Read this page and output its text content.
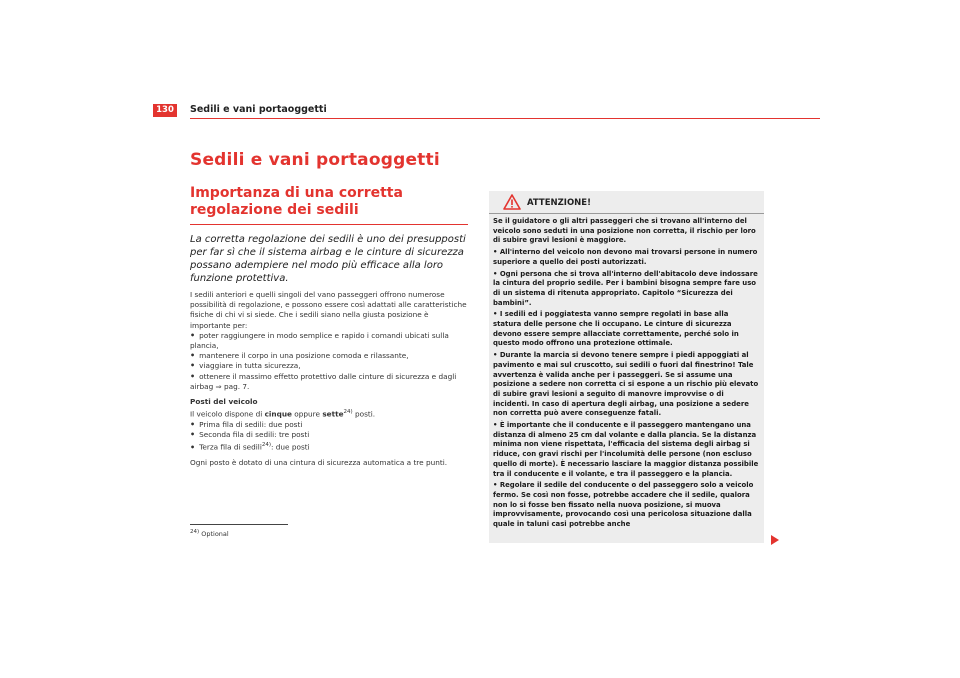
130	Sedili e vani portaoggetti
Sedili e vani portaoggetti
Importanza di una corretta regolazione dei sedili

La corretta regolazione dei sedili è uno dei presupposti per far sì che il sistema airbag e le cinture di sicurezza possano adempiere nel modo più efficace alla loro funzione protettiva.

I sedili anteriori e quelli singoli del vano passeggeri offrono numerose possibilità di regolazione, e possono essere così adattati alle caratteristiche fisiche di chi vi si siede. Che i sedili siano nella giusta posizione è importante per:

• poter raggiungere in modo semplice e rapido i comandi ubicati sulla plancia,
• mantenere il corpo in una posizione comoda e rilassante,
• viaggiare in tutta sicurezza,
• ottenere il massimo effetto protettivo dalle cinture di sicurezza e dagli airbag ⇒ pag. 7.

Posti del veicolo

Il veicolo dispone di cinque oppure sette$^{24)}$ posti.

• Prima fila di sedili: due posti
• Seconda fila di sedili: tre posti
• Terza fila di sedili$^{24)}$: due posti

Ogni posto è dotato di una cintura di sicurezza automatica a tre punti.

$^{24)}$ Optional
ATTENZIONE!

Se il guidatore o gli altri passeggeri che si trovano all'interno del veicolo sono seduti in una posizione non corretta, il rischio per loro di subire gravi lesioni è maggiore.

• All'interno del veicolo non devono mai trovarsi persone in numero superiore a quello dei posti autorizzati.
• Ogni persona che si trova all'interno dell'abitacolo deve indossare la cintura del proprio sedile. Per i bambini bisogna sempre fare uso di un sistema di ritenuta appropriato. Capitolo “Sicurezza dei bambini”.
• I sedili ed i poggiatesta vanno sempre regolati in base alla statura delle persone che li occupano. Le cinture di sicurezza devono essere sempre allacciate correttamente, perché solo in questo modo offrono una protezione ottimale.
• Durante la marcia si devono tenere sempre i piedi appoggiati al pavimento e mai sul cruscotto, sui sedili o fuori dal finestrino! Tale avvertenza è valida anche per i passeggeri. Se si assume una posizione a sedere non corretta ci si espone a un rischio più elevato di subire gravi lesioni a seguito di manovre improvvise o di incidenti. In caso di apertura degli airbag, una posizione a sedere non corretta può avere conseguenze fatali.
• È importante che il conducente e il passeggero mantengano una distanza di almeno 25 cm dal volante e dalla plancia. Se la distanza minima non viene rispettata, l'efficacia del sistema degli airbag si riduce, con gravi rischi per l'incolumità delle persone (non escluso quello di morte). È necessario lasciare la maggior distanza possibile tra il conducente e il volante, e tra il passeggero e la plancia.
• Regolare il sedile del conducente o del passeggero solo a veicolo fermo. Se così non fosse, potrebbe accadere che il sedile, qualora non lo si fosse ben fissato nella nuova posizione, si muova improvvisamente, provocando così una pericolosa situazione dalla quale in taluni casi potrebbe anche
